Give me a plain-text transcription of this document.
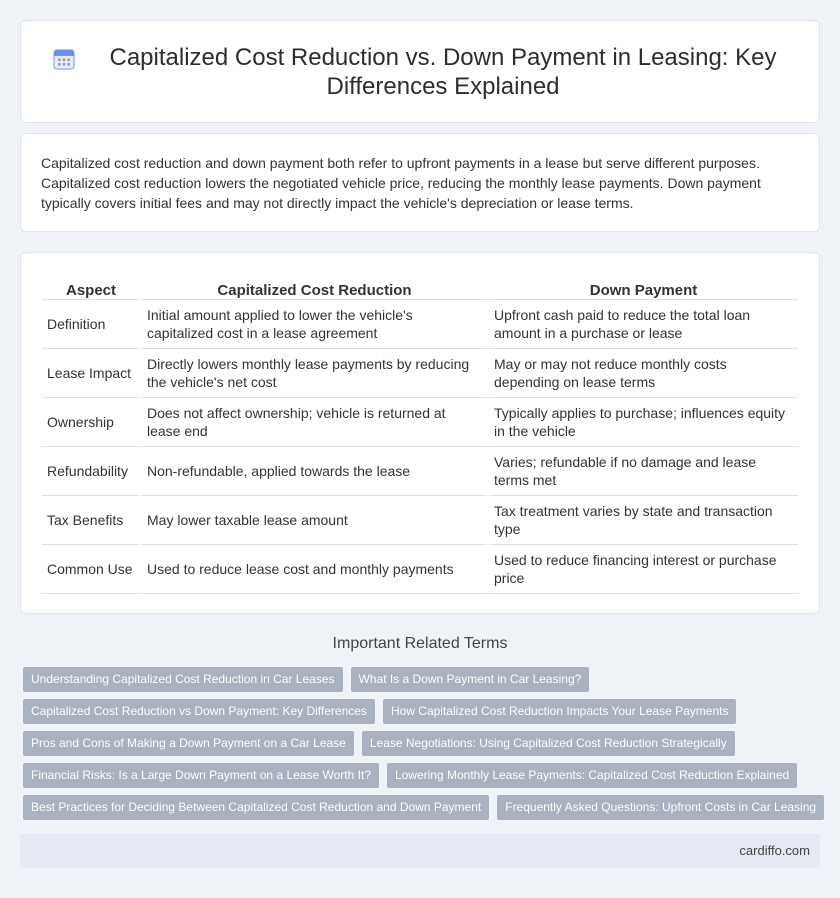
Capitalized Cost Reduction vs. Down Payment in Leasing: Key Differences Explained

Capitalized cost reduction and down payment both refer to upfront payments in a lease but serve different purposes. Capitalized cost reduction lowers the negotiated vehicle price, reducing the monthly lease payments. Down payment typically covers initial fees and may not directly impact the vehicle's depreciation or lease terms.

Aspect		Capitalized Cost Reduction		Down Payment
Definition		Initial amount applied to lower the vehicle's capitalized cost in a lease agreement		Upfront cash paid to reduce the total loan amount in a purchase or lease
Lease Impact		Directly lowers monthly lease payments by reducing the vehicle's net cost		May or may not reduce monthly costs depending on lease terms
Ownership		Does not affect ownership; vehicle is returned at lease end		Typically applies to purchase; influences equity in the vehicle
Refundability		Non-refundable, applied towards the lease		Varies; refundable if no damage and lease terms met
Tax Benefits		May lower taxable lease amount		Tax treatment varies by state and transaction type
Common Use		Used to reduce lease cost and monthly payments		Used to reduce financing interest or purchase price
Important Related Terms
Understanding Capitalized Cost Reduction in Car Leases	What Is a Down Payment in Car Leasing?
Capitalized Cost Reduction vs Down Payment: Key Differences	How Capitalized Cost Reduction Impacts Your Lease Payments
Pros and Cons of Making a Down Payment on a Car Lease	Lease Negotiations: Using Capitalized Cost Reduction Strategically
Financial Risks: Is a Large Down Payment on a Lease Worth It?	Lowering Monthly Lease Payments: Capitalized Cost Reduction Explained
Best Practices for Deciding Between Capitalized Cost Reduction and Down Payment	Frequently Asked Questions: Upfront Costs in Car Leasing
cardiffo.com
